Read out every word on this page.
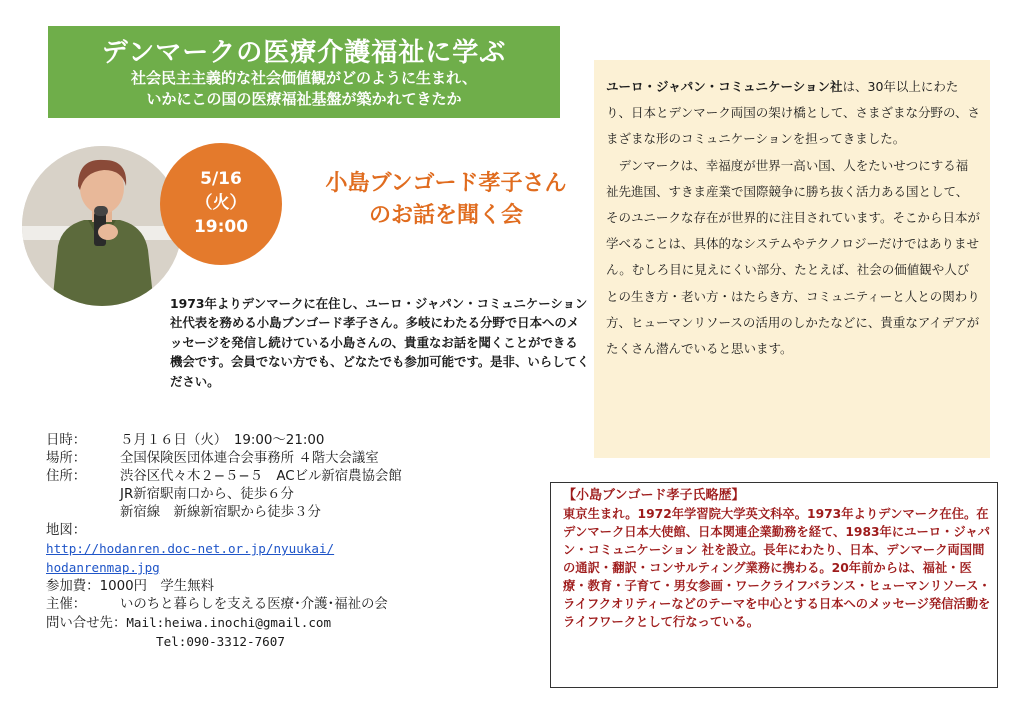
デンマークの医療介護福祉に学ぶ
社会民主主義的な社会価値観がどのように生まれ、
いかにこの国の医療福祉基盤が築かれてきたか
5/16
（火）
19:00
小島ブンゴード孝子さん
のお話を聞く会
1973年よりデンマークに在住し、ユーロ・ジャパン・コミュニケーション社代表を務める小島ブンゴード孝子さん。多岐にわたる分野で日本へのメッセージを発信し続けている小島さんの、貴重なお話を聞くことができる機会です。会員でない方でも、どなたでも参加可能です。是非、いらしてください。
日時：	５月１６日（火）　19:00～21:00
場所：	全国保険医団体連合会事務所 ４階大会議室
住所：	渋谷区代々木２−５−５　ACビル新宿農協会館
JR新宿駅南口から、徒歩６分
新宿線　新線新宿駅から徒歩３分
地図：
http://hodanren.doc-net.or.jp/nyuukai/
hodanrenmap.jpg
参加費：1000円　学生無料
主催：	いのちと暮らしを支える医療･介護･福祉の会
問い合せ先：Mail:heiwa.inochi@gmail.com
Tel:090-3312-7607
ユーロ・ジャパン・コミュニケーション社は、30年以上にわたり、日本とデンマーク両国の架け橋として、さまざまな分野の、さまざまな形のコミュニケーションを担ってきました。
デンマークは、幸福度が世界一高い国、人をたいせつにする福祉先進国、すきま産業で国際競争に勝ち抜く活力ある国として、そのユニークな存在が世界的に注目されています。そこから日本が学べることは、具体的なシステムやテクノロジーだけではありません。むしろ目に見えにくい部分、たとえば、社会の価値観や人びとの生き方・老い方・はたらき方、コミュニティーと人との関わり方、ヒューマンリソースの活用のしかたなどに、貴重なアイデアがたくさん潜んでいると思います。
【小島ブンゴード孝子氏略歴】
東京生まれ。1972年学習院大学英文科卒。1973年よりデンマーク在住。在デンマーク日本大使館、日本関連企業勤務を経て、1983年にユーロ・ジャパン・コミュニケーション 社を設立。長年にわたり、日本、デンマーク両国間の通訳・翻訳・コンサルティング業務に携わる。20年前からは、福祉・医療・教育・子育て・男女参画・ワークライフバランス・ヒューマンリソース・ライフクオリティーなどのテーマを中心とする日本へのメッセージ発信活動をライフワークとして行なっている。
